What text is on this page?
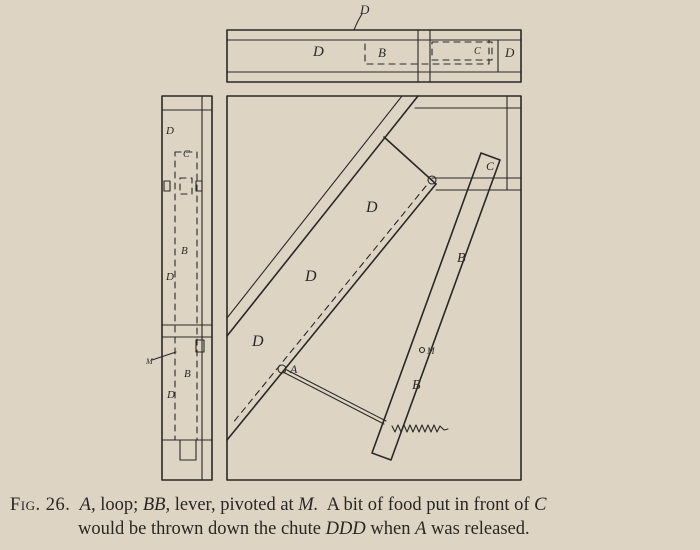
D
D	B	C D
D
C
B
D
M
B
D
D
D
D
A
B
B
C
M
Fig. 26. A, loop; BB, lever, pivoted at M.  A bit of food put in front of C
would be thrown down the chute DDD when A was released.
